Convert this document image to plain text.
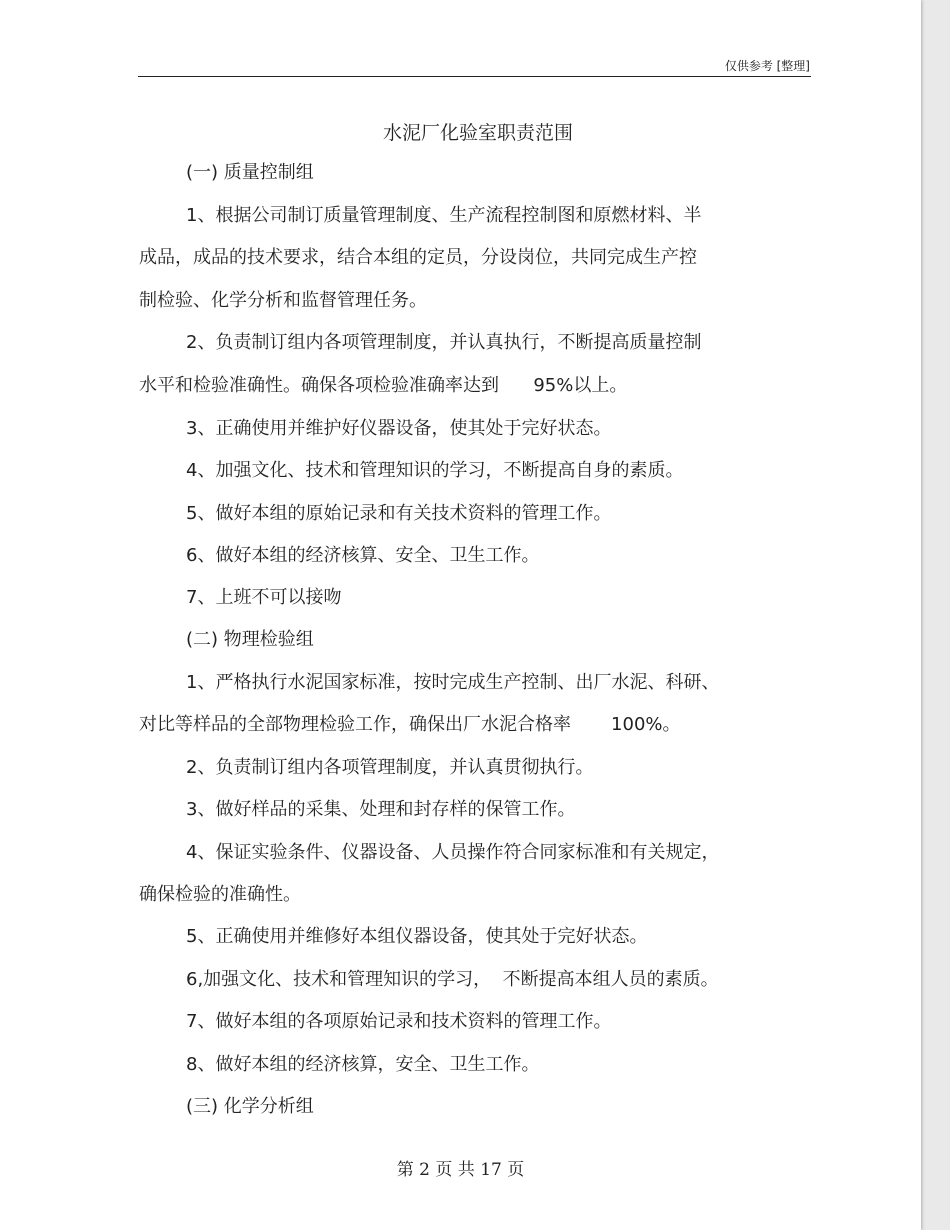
仅供参考 [整理]
水泥厂化验室职责范围
(一) 质量控制组
1、根据公司制订质量管理制度、生产流程控制图和原燃材料、半
成品，成品的技术要求，结合本组的定员，分设岗位，共同完成生产控
制检验、化学分析和监督管理任务。
2、负责制订组内各项管理制度，并认真执行，不断提高质量控制
水平和检验准确性。确保各项检验准确率达到      95%以上。
3、正确使用并维护好仪器设备，使其处于完好状态。
4、加强文化、技术和管理知识的学习，不断提高自身的素质。
5、做好本组的原始记录和有关技术资料的管理工作。
6、做好本组的经济核算、安全、卫生工作。
7、上班不可以接吻
(二) 物理检验组
1、严格执行水泥国家标准，按时完成生产控制、出厂水泥、科研、
对比等样品的全部物理检验工作，确保出厂水泥合格率       100%。
2、负责制订组内各项管理制度，并认真贯彻执行。
3、做好样品的采集、处理和封存样的保管工作。
4、保证实验条件、仪器设备、人员操作符合同家标准和有关规定，
确保检验的准确性。
5、正确使用并维修好本组仪器设备，使其处于完好状态。
6,加强文化、技术和管理知识的学习，  不断提高本组人员的素质。
7、做好本组的各项原始记录和技术资料的管理工作。
8、做好本组的经济核算，安全、卫生工作。
(三) 化学分析组
第 2 页 共 17 页
